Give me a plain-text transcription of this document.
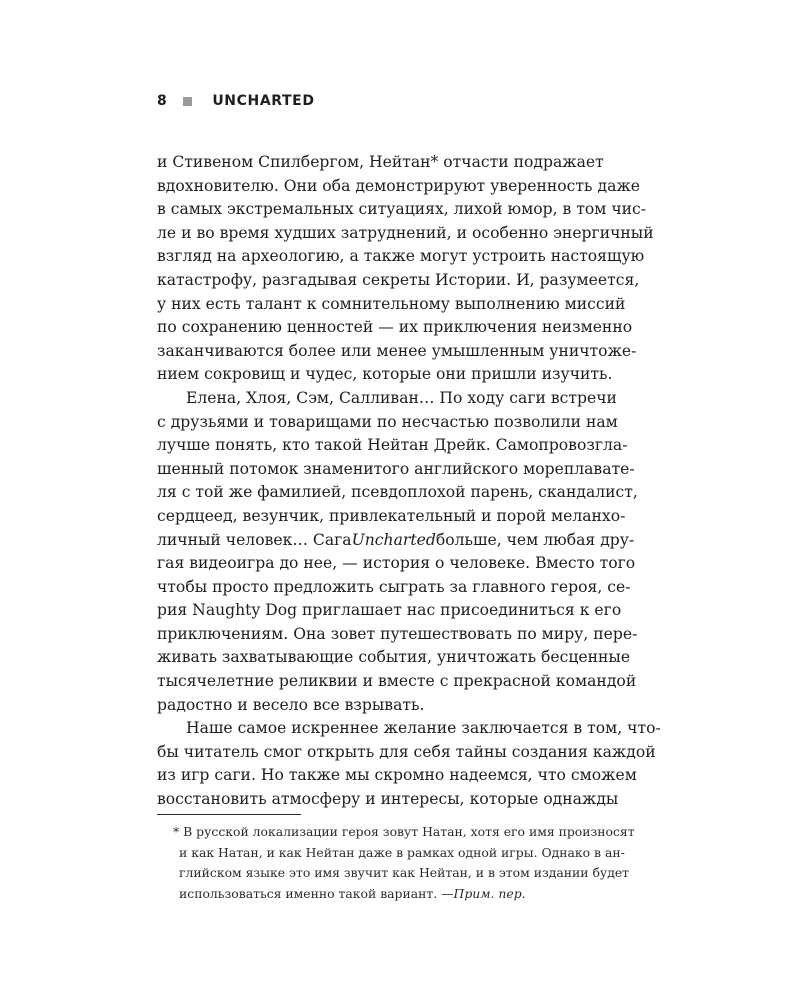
8	UNCHARTED
и Стивеном Спилбергом, Нейтан* отчасти подражает
вдохновителю. Они оба демонстрируют уверенность даже
в самых экстремальных ситуациях, лихой юмор, в том чис-
ле и во время худших затруднений, и особенно энергичный
взгляд на археологию, а также могут устроить настоящую
катастрофу, разгадывая секреты Истории. И, разумеется,
у них есть талант к сомнительному выполнению миссий
по сохранению ценностей — их приключения неизменно
заканчиваются более или менее умышленным уничтоже-
нием сокровищ и чудес, которые они пришли изучить.
Елена, Хлоя, Сэм, Салливан… По ходу саги встречи
с друзьями и товарищами по несчастью позволили нам
лучше понять, кто такой Нейтан Дрейк. Самопровозгла-
шенный потомок знаменитого английского мореплавате-
ля с той же фамилией, псевдоплохой парень, скандалист,
сердцеед, везунчик, привлекательный и порой меланхо-
личный человек… СагаUnchartedбольше, чем любая дру-
гая видеоигра до нее, — история о человеке. Вместо того
чтобы просто предложить сыграть за главного героя, се-
рия Naughty Dog приглашает нас присоединиться к его
приключениям. Она зовет путешествовать по миру, пере-
живать захватывающие события, уничтожать бесценные
тысячелетние реликвии и вместе с прекрасной командой
радостно и весело все взрывать.
Наше самое искреннее желание заключается в том, что-
бы читатель смог открыть для себя тайны создания каждой
из игр саги. Но также мы скромно надеемся, что сможем
восстановить атмосферу и интересы, которые однажды
* В русской локализации героя зовут Натан, хотя его имя произносят
и как Натан, и как Нейтан даже в рамках одной игры. Однако в ан-
глийском языке это имя звучит как Нейтан, и в этом издании будет
использоваться именно такой вариант. —Прим. пер.
